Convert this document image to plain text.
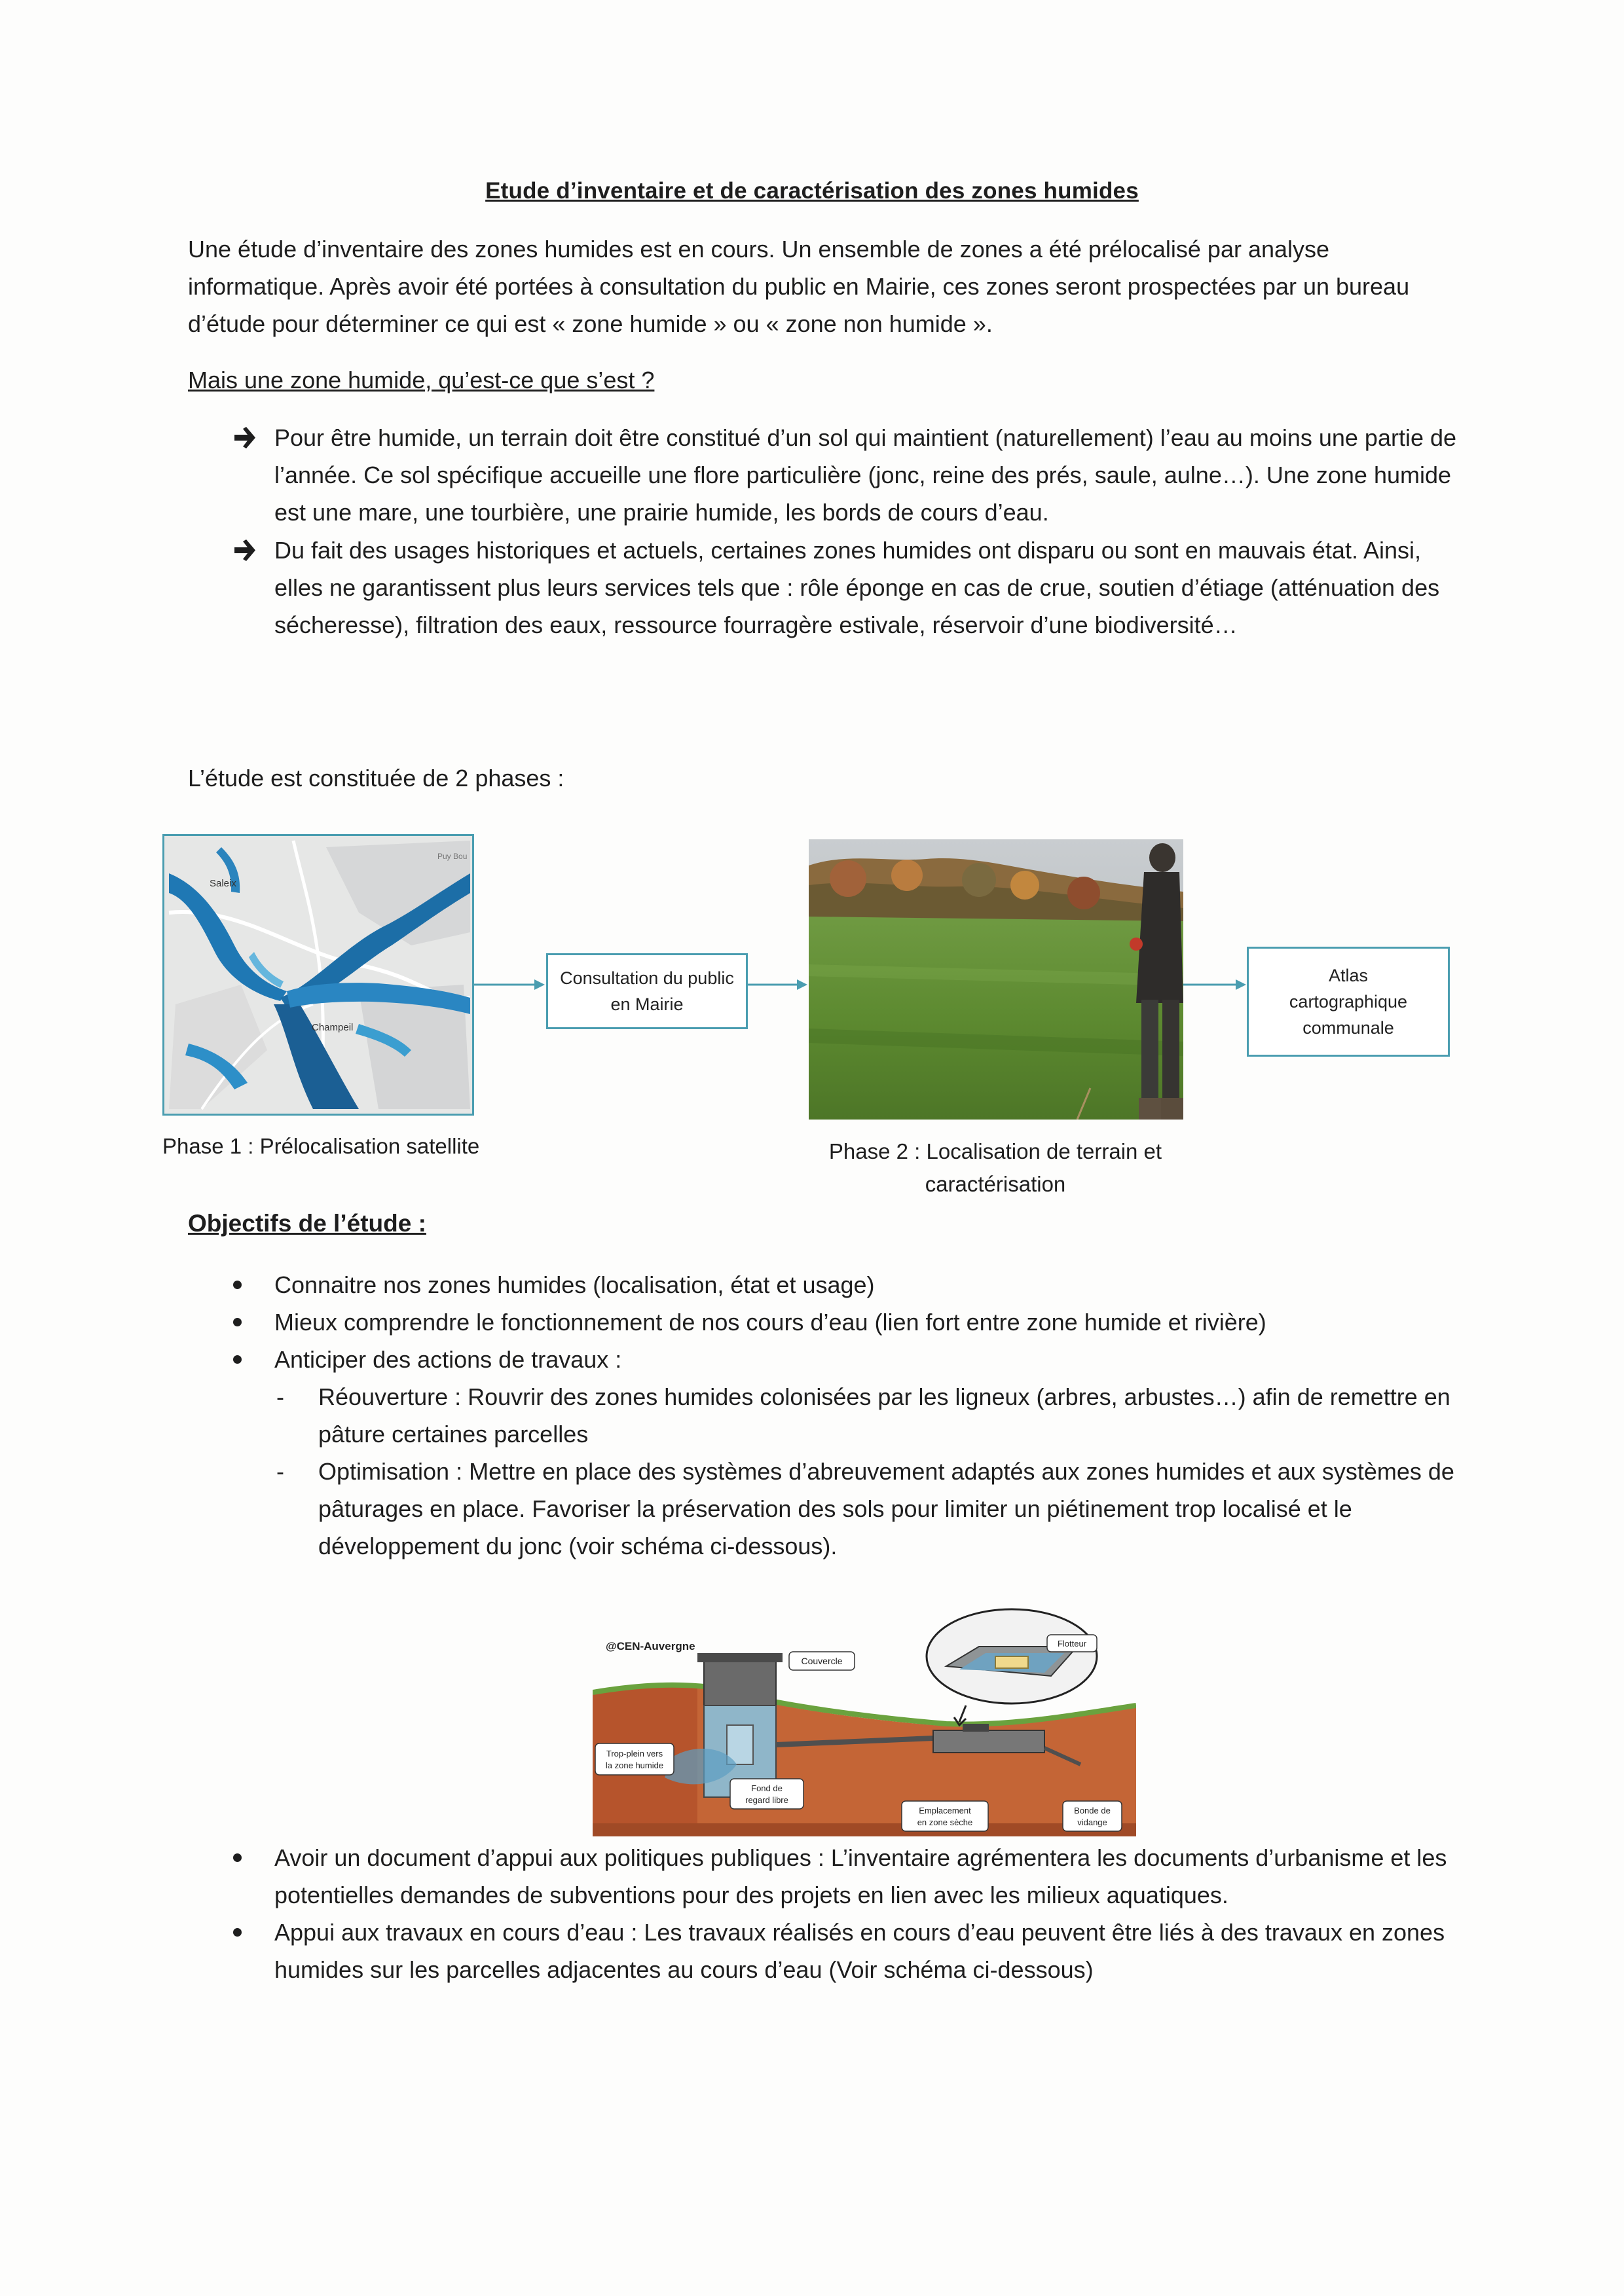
Etude d’inventaire et de caractérisation des zones humides
Une étude d’inventaire des zones humides est en cours. Un ensemble de zones a été prélocalisé par analyse informatique. Après avoir été portées à consultation du public en Mairie, ces zones seront prospectées par un bureau d’étude pour déterminer ce qui est « zone humide » ou « zone non humide ».
Mais une zone humide, qu’est-ce que s’est ?
Pour être humide, un terrain doit être constitué d’un sol qui maintient (naturellement) l’eau au moins une partie de l’année. Ce sol spécifique accueille une flore particulière (jonc, reine des prés, saule, aulne…). Une zone humide est une mare, une tourbière, une prairie humide, les bords de cours d’eau.
Du fait des usages historiques et actuels, certaines zones humides ont disparu ou sont en mauvais état. Ainsi, elles ne garantissent plus leurs services tels que : rôle éponge en cas de crue, soutien d’étiage (atténuation des sécheresse), filtration des eaux, ressource fourragère estivale, réservoir d’une biodiversité…
L’étude est constituée de 2 phases :
Saleix
Champeil
Puy Bou
Consultation du public en Mairie
Atlas cartographique communale
Phase 1 : Prélocalisation satellite	Phase 2 : Localisation de terrain et caractérisation
Objectifs de l’étude :
Connaitre nos zones humides (localisation, état et usage)
Mieux comprendre le fonctionnement de nos cours d’eau (lien fort entre zone humide et rivière)
Anticiper des actions de travaux :
- Réouverture : Rouvrir des zones humides colonisées par les ligneux (arbres, arbustes…) afin de remettre en pâture certaines parcelles
- Optimisation : Mettre en place des systèmes d’abreuvement adaptés aux zones humides et aux systèmes de pâturages en place. Favoriser la préservation des sols pour limiter un piétinement trop localisé et le développement du jonc (voir schéma ci-dessous).
@CEN-Auvergne
Couvercle
Flotteur
Trop-plein vers
la zone humide
Fond de
regard libre
Emplacement
en zone sèche
Bonde de
vidange
Avoir un document d’appui aux politiques publiques : L’inventaire agrémentera les documents d’urbanisme et les potentielles demandes de subventions pour des projets en lien avec les milieux aquatiques.
Appui aux travaux en cours d’eau : Les travaux réalisés en cours d’eau peuvent être liés à des travaux en zones humides sur les parcelles adjacentes au cours d’eau (Voir schéma ci-dessous)
